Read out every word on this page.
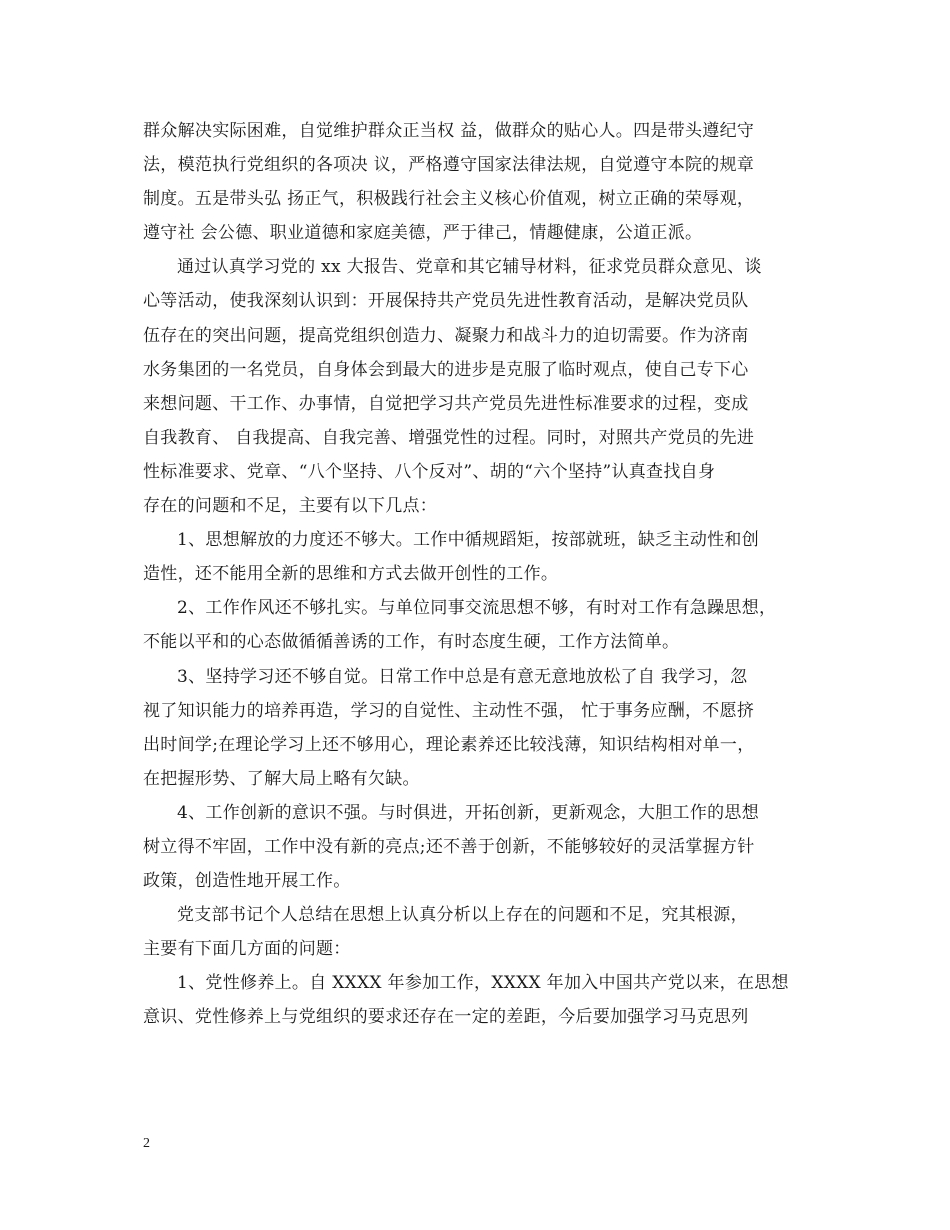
群众解决实际困难，自觉维护群众正当权 益，做群众的贴心人。四是带头遵纪守
法，模范执行党组织的各项决 议，严格遵守国家法律法规，自觉遵守本院的规章
制度。五是带头弘 扬正气，积极践行社会主义核心价值观，树立正确的荣辱观，
遵守社 会公德、职业道德和家庭美德，严于律己，情趣健康，公道正派。
通过认真学习党的 xx 大报告、党章和其它辅导材料，征求党员群众意见、谈
心等活动，使我深刻认识到：开展保持共产党员先进性教育活动，是解决党员队
伍存在的突出问题，提高党组织创造力、凝聚力和战斗力的迫切需要。作为济南
水务集团的一名党员，自身体会到最大的进步是克服了临时观点，使自己专下心
来想问题、干工作、办事情，自觉把学习共产党员先进性标准要求的过程，变成
自我教育、 自我提高、自我完善、增强党性的过程。同时，对照共产党员的先进
性标准要求、党章、“八个坚持、八个反对”、胡的“六个坚持”认真查找自身
存在的问题和不足，主要有以下几点：
1、思想解放的力度还不够大。工作中循规蹈矩，按部就班，缺乏主动性和创
造性，还不能用全新的思维和方式去做开创性的工作。
2、工作作风还不够扎实。与单位同事交流思想不够，有时对工作有急躁思想，
不能以平和的心态做循循善诱的工作，有时态度生硬，工作方法简单。
3、坚持学习还不够自觉。日常工作中总是有意无意地放松了自 我学习，忽
视了知识能力的培养再造，学习的自觉性、主动性不强， 忙于事务应酬，不愿挤
出时间学;在理论学习上还不够用心，理论素养还比较浅薄，知识结构相对单一，
在把握形势、了解大局上略有欠缺。
4、工作创新的意识不强。与时俱进，开拓创新，更新观念，大胆工作的思想
树立得不牢固，工作中没有新的亮点;还不善于创新，不能够较好的灵活掌握方针
政策，创造性地开展工作。
党支部书记个人总结在思想上认真分析以上存在的问题和不足，究其根源，
主要有下面几方面的问题：
1、党性修养上。自 XXXX 年参加工作，XXXX 年加入中国共产党以来，在思想
意识、党性修养上与党组织的要求还存在一定的差距，今后要加强学习马克思列
2
